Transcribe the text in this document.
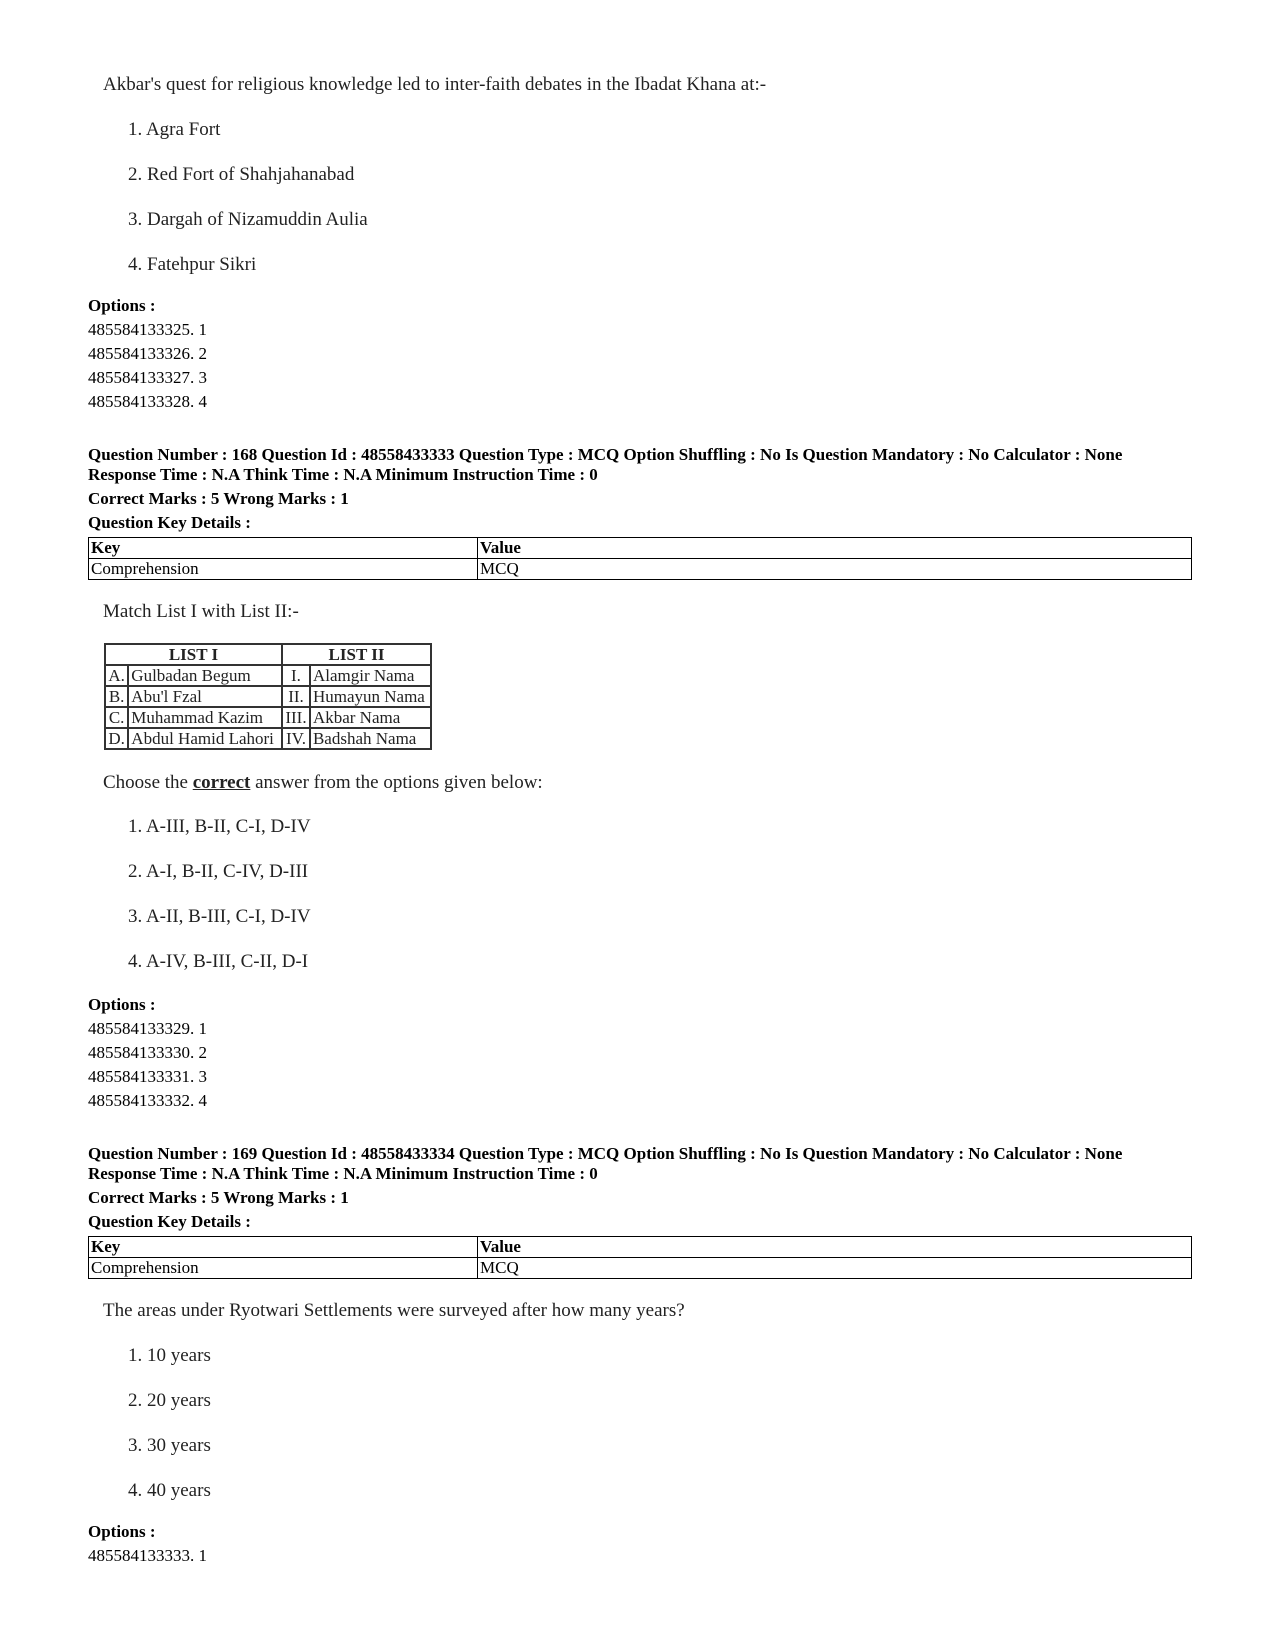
Akbar's quest for religious knowledge led to inter-faith debates in the Ibadat Khana at:-

1. Agra Fort

2. Red Fort of Shahjahanabad

3. Dargah of Nizamuddin Aulia

4. Fatehpur Sikri

Options :

485584133325. 1

485584133326. 2

485584133327. 3

485584133328. 4

Question Number : 168 Question Id : 48558433333 Question Type : MCQ Option Shuffling : No Is Question Mandatory : No Calculator : None

Response Time : N.A Think Time : N.A Minimum Instruction Time : 0

Correct Marks : 5 Wrong Marks : 1

Question Key Details :

Key	Value
Comprehension	MCQ

Match List I with List II:-

LIST I		LIST II	
A.	Gulbadan Begum	I.	Alamgir Nama
B.	Abu'l Fzal	II.	Humayun Nama
C.	Muhammad Kazim	III.	Akbar Nama
D.	Abdul Hamid Lahori	IV.	Badshah Nama

Choose the correct answer from the options given below:

1. A-III, B-II, C-I, D-IV

2. A-I, B-II, C-IV, D-III

3. A-II, B-III, C-I, D-IV

4. A-IV, B-III, C-II, D-I

Options :

485584133329. 1

485584133330. 2

485584133331. 3

485584133332. 4

Question Number : 169 Question Id : 48558433334 Question Type : MCQ Option Shuffling : No Is Question Mandatory : No Calculator : None

Response Time : N.A Think Time : N.A Minimum Instruction Time : 0

Correct Marks : 5 Wrong Marks : 1

Question Key Details :

Key	Value
Comprehension	MCQ

The areas under Ryotwari Settlements were surveyed after how many years?

1. 10 years

2. 20 years

3. 30 years

4. 40 years

Options :

485584133333. 1
